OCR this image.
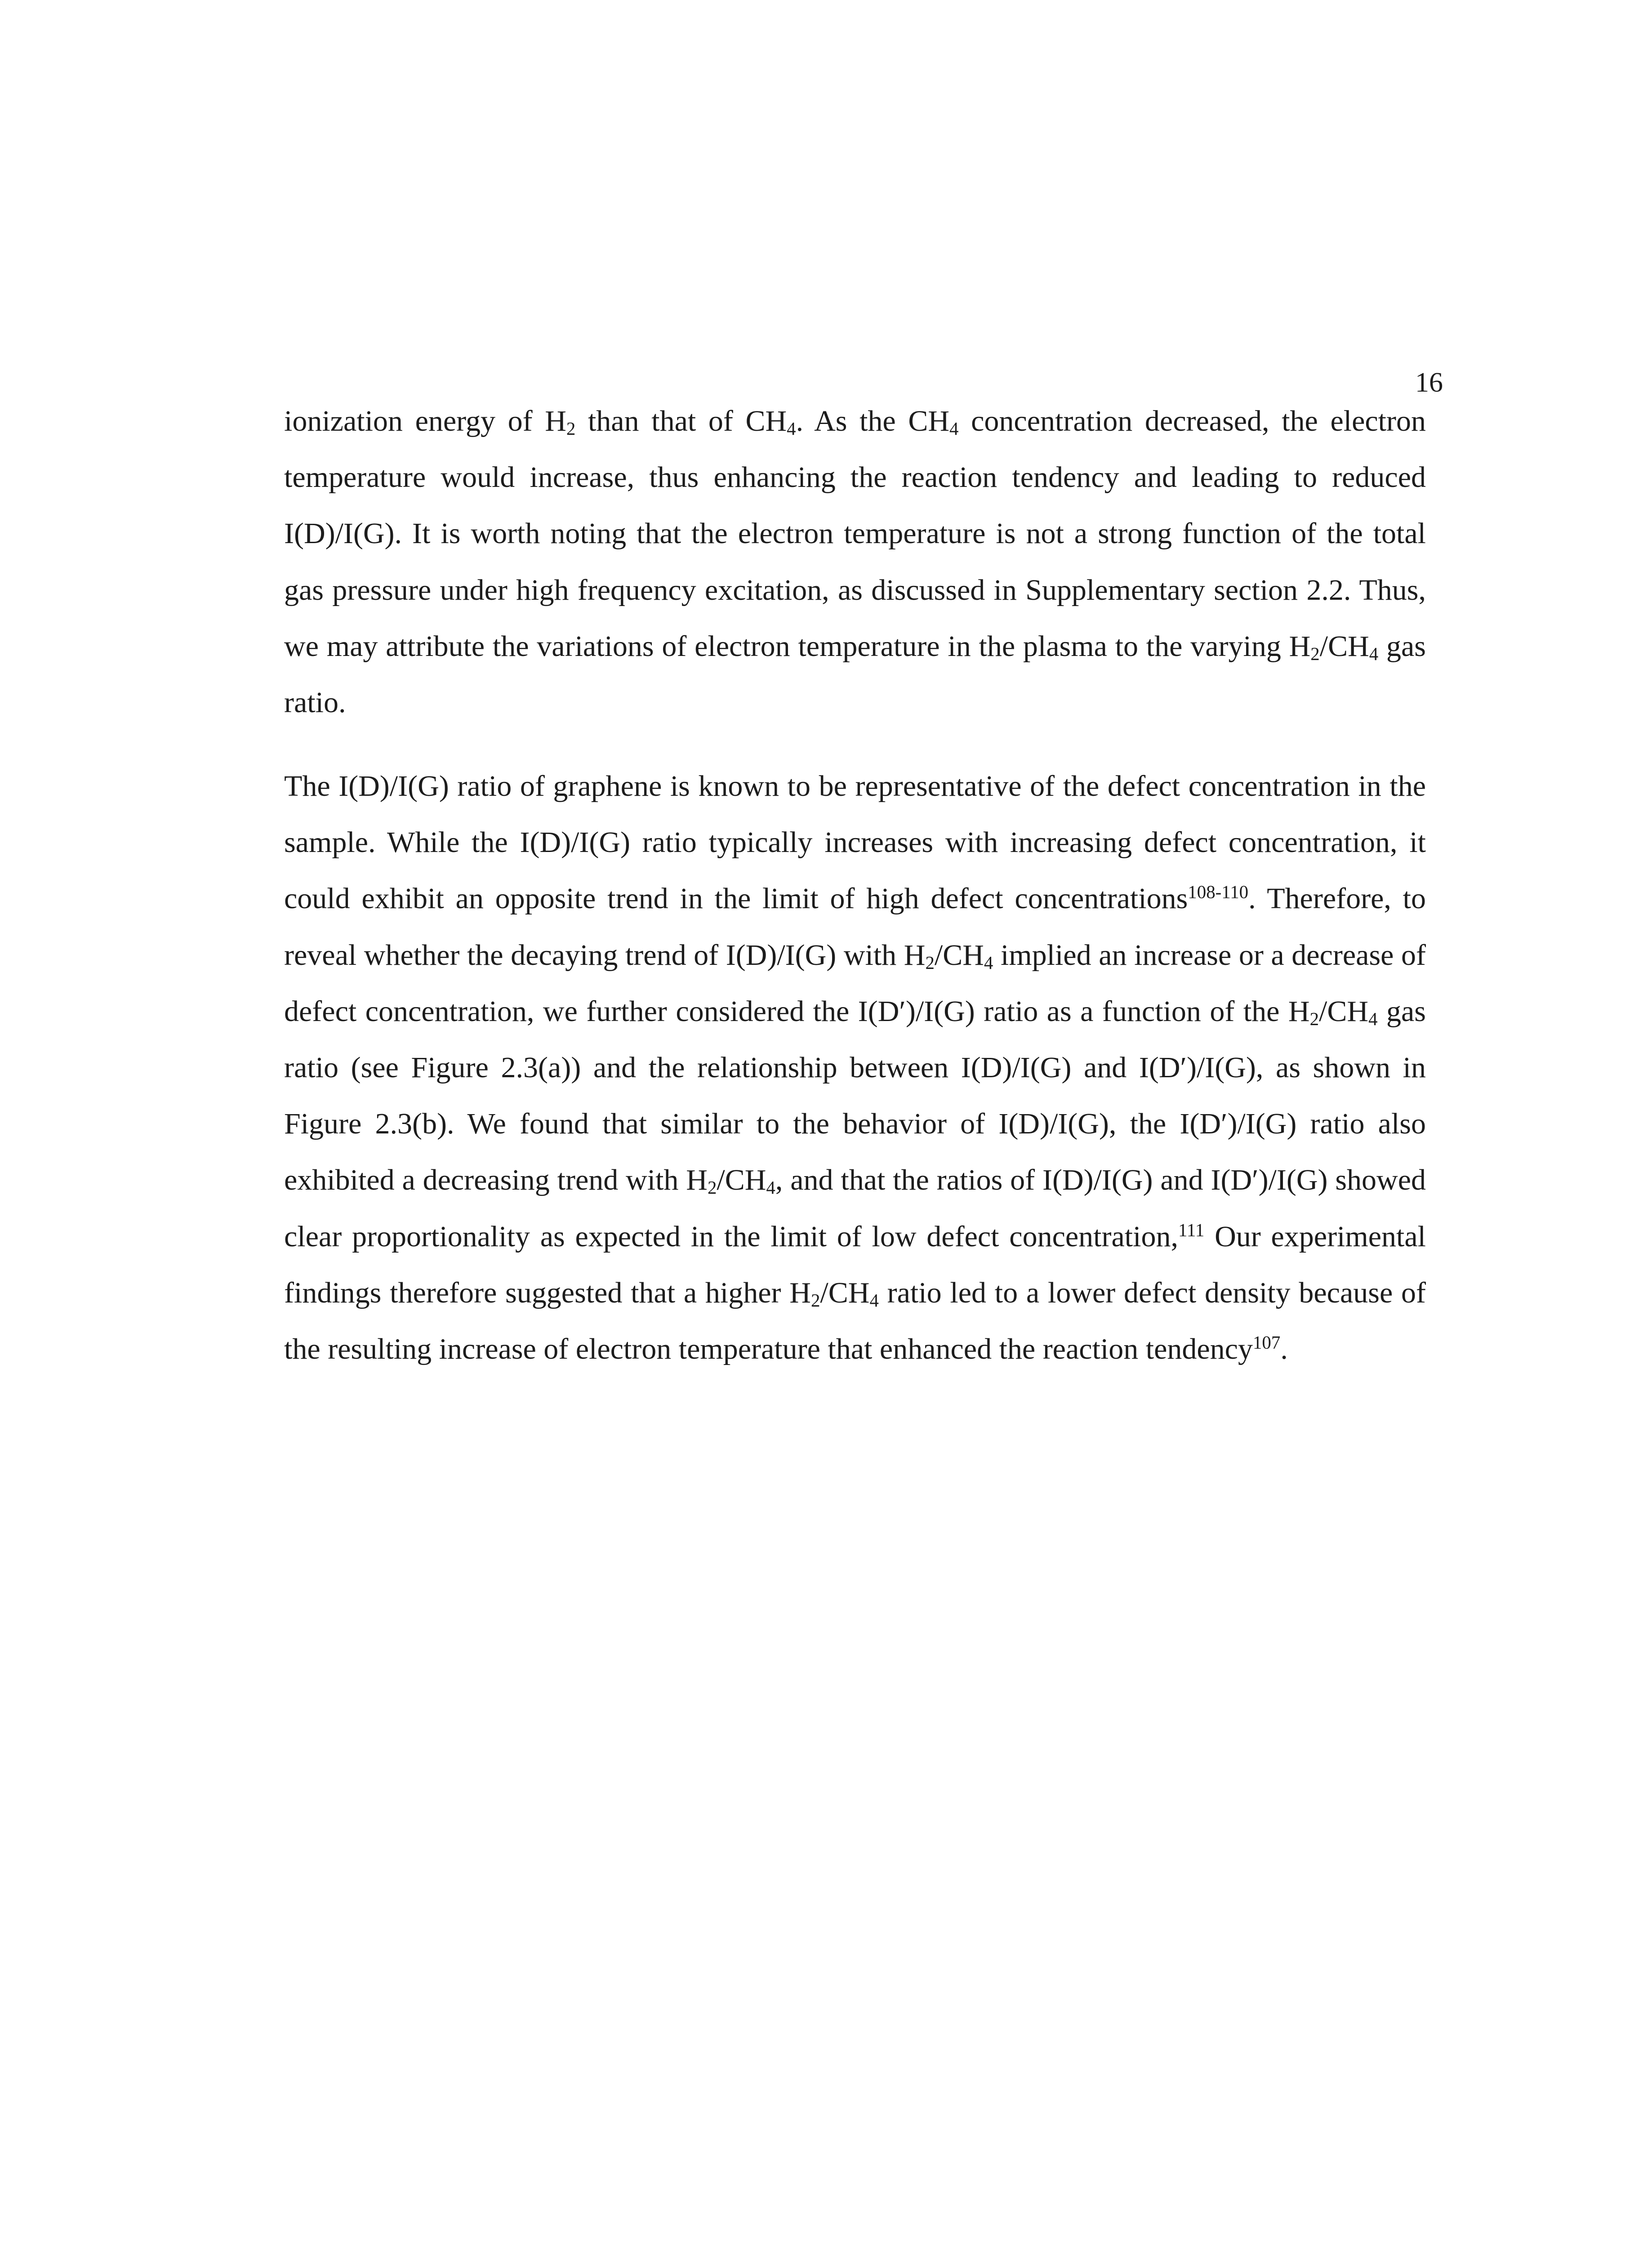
16

ionization energy of $H_2$ than that of $CH_4$. As the $CH_4$ concentration decreased, the electron temperature would increase, thus enhancing the reaction tendency and leading to reduced I(D)/I(G). It is worth noting that the electron temperature is not a strong function of the total gas pressure under high frequency excitation, as discussed in Supplementary section 2.2. Thus, we may attribute the variations of electron temperature in the plasma to the varying $H_2/CH_4$ gas ratio.

The I(D)/I(G) ratio of graphene is known to be representative of the defect concentration in the sample. While the I(D)/I(G) ratio typically increases with increasing defect concentration, it could exhibit an opposite trend in the limit of high defect concentrations$^{108-110}$. Therefore, to reveal whether the decaying trend of I(D)/I(G) with $H_2/CH_4$ implied an increase or a decrease of defect concentration, we further considered the I(D′)/I(G) ratio as a function of the $H_2/CH_4$ gas ratio (see Figure 2.3(a)) and the relationship between I(D)/I(G) and I(D′)/I(G), as shown in Figure 2.3(b). We found that similar to the behavior of I(D)/I(G), the I(D′)/I(G) ratio also exhibited a decreasing trend with $H_2/CH_4$, and that the ratios of I(D)/I(G) and I(D′)/I(G) showed clear proportionality as expected in the limit of low defect concentration,$^{111}$ Our experimental findings therefore suggested that a higher $H_2/CH_4$ ratio led to a lower defect density because of the resulting increase of electron temperature that enhanced the reaction tendency$^{107}$.
